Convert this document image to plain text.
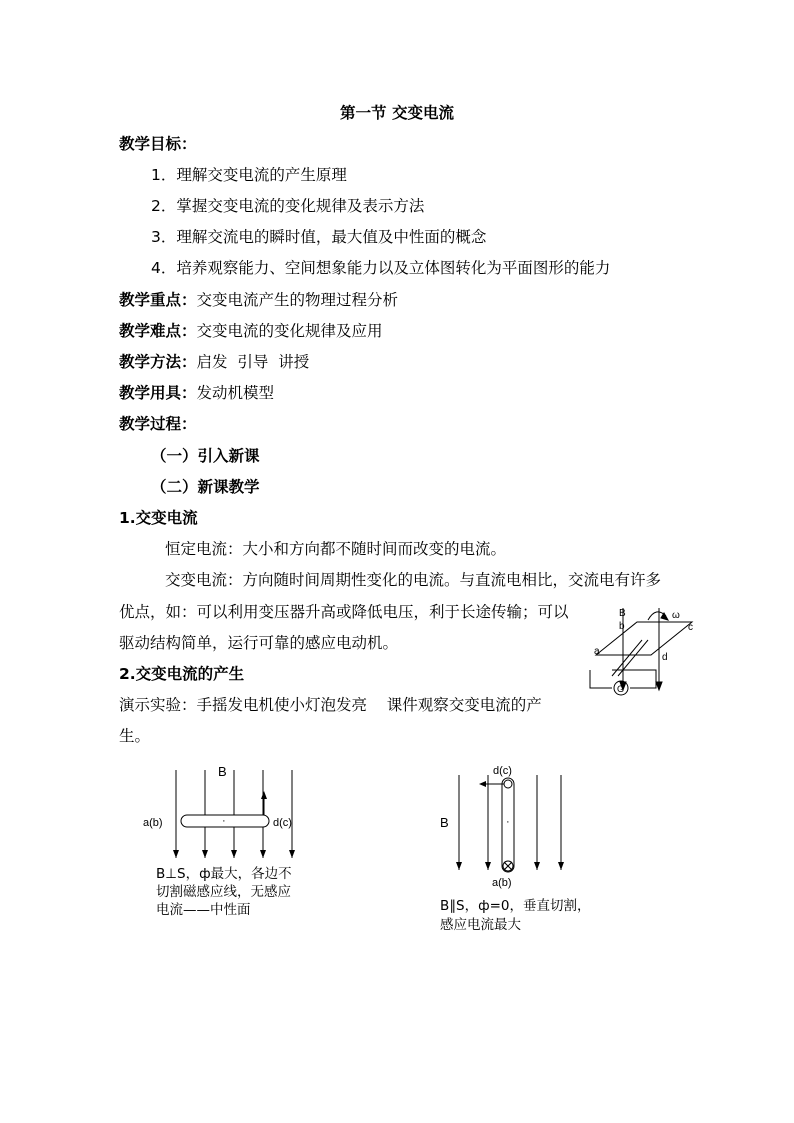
第一节 交变电流
教学目标：
1．理解交变电流的产生原理
2．掌握交变电流的变化规律及表示方法
3．理解交流电的瞬时值，最大值及中性面的概念
4．培养观察能力、空间想象能力以及立体图转化为平面图形的能力
教学重点：交变电流产生的物理过程分析
教学难点：交变电流的变化规律及应用
教学方法：启发  引导  讲授
教学用具：发动机模型
教学过程：
（一）引入新课
（二）新课教学
1.交变电流
恒定电流：大小和方向都不随时间而改变的电流。
交变电流：方向随时间周期性变化的电流。与直流电相比，交流电有许多
优点，如：可以利用变压器升高或降低电压，利于长途传输；可以
驱动结构简单，运行可靠的感应电动机。
2.交变电流的产生
演示实验：手摇发电机使小灯泡发亮    课件观察交变电流的产
生。
B
b	c
a
d
ω
G
B
a(b)	d(c)
·
B⊥S，ф最大，各边不
切割磁感应线，无感应
电流——中性面
d(c)
B
a(b)
·
B∥S，ф=0，垂直切割，
感应电流最大
